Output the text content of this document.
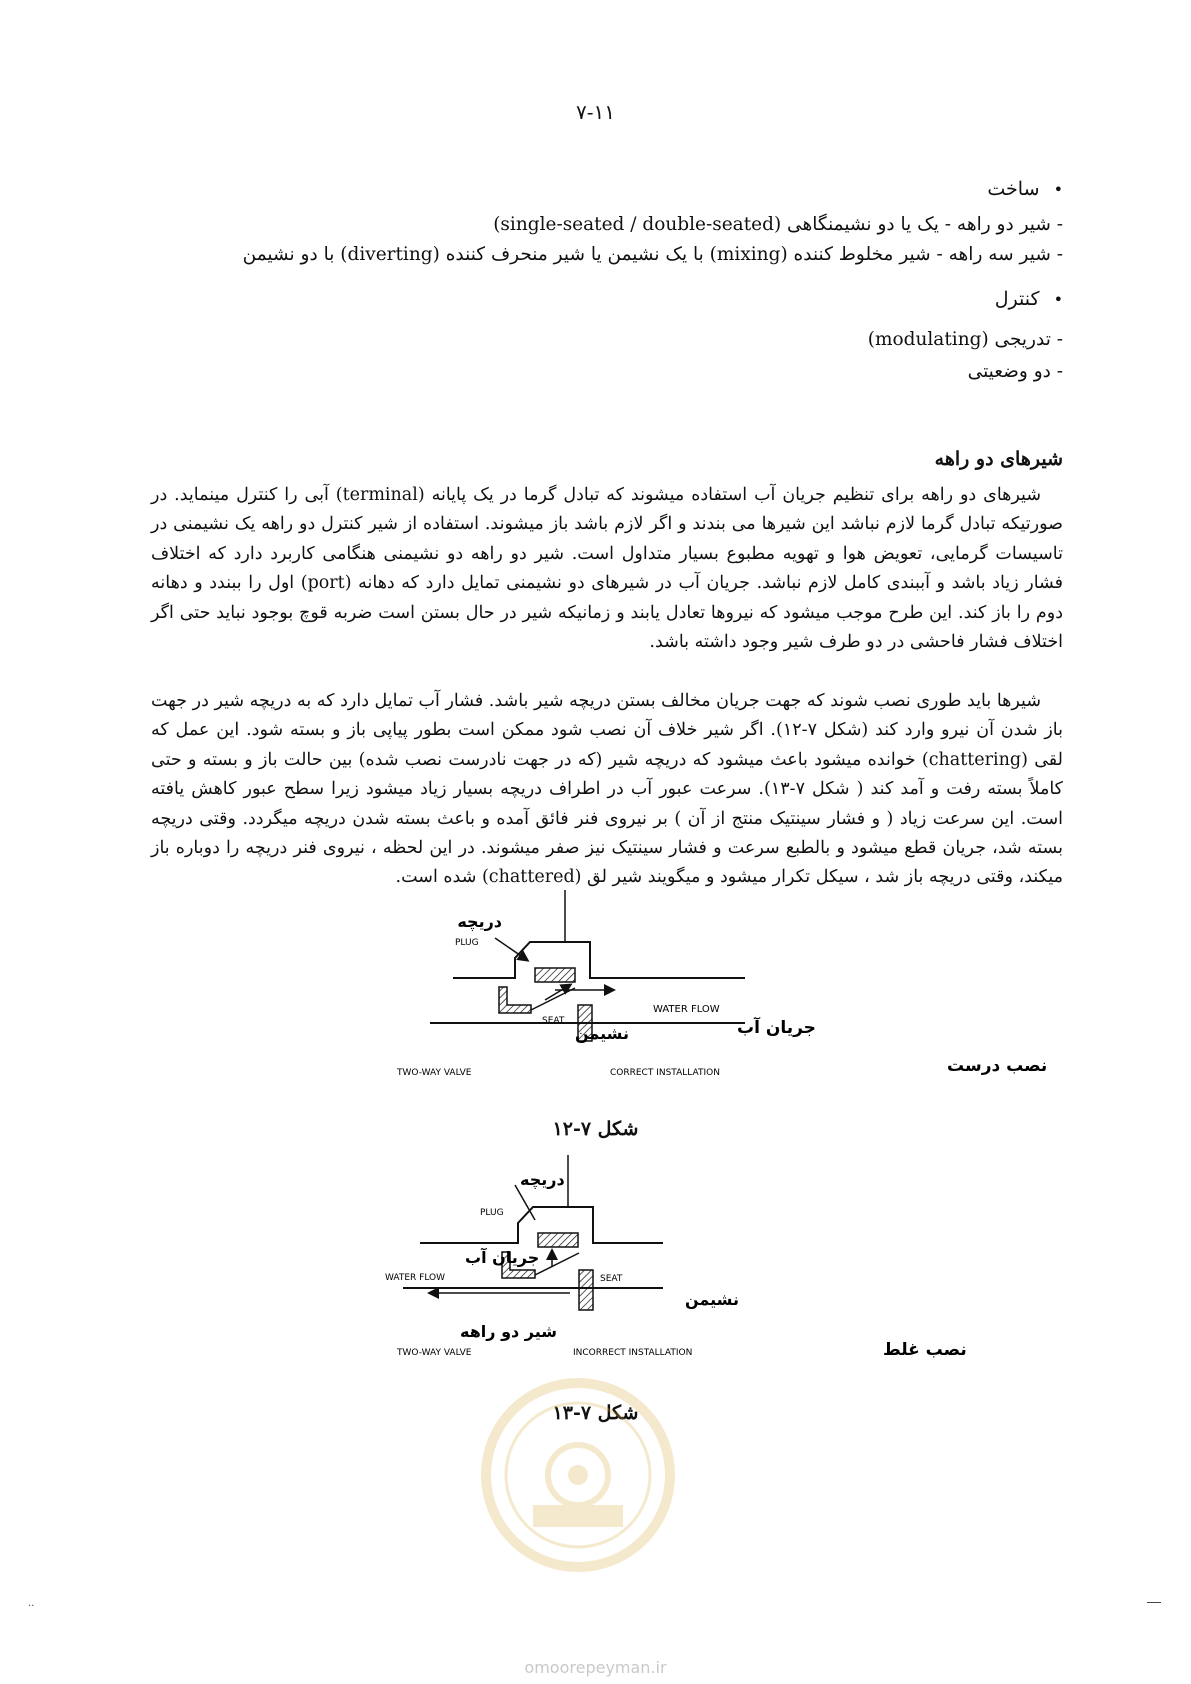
۷-۱۱
• ساخت
- شیر دو راهه - یک یا دو نشیمنگاهی (single-seated / double-seated)
- شیر سه راهه - شیر مخلوط کننده (mixing) با یک نشیمن یا شیر منحرف کننده (diverting) با دو نشیمن
• کنترل
- تدریجی (modulating)
- دو وضعیتی
شیرهای دو راهه
شیرهای دو راهه برای تنظیم جریان آب استفاده میشوند که تبادل گرما در یک پایانه (terminal) آبی را کنترل مینماید. در صورتیکه تبادل گرما لازم نباشد این شیرها می بندند و اگر لازم باشد باز میشوند. استفاده از شیر کنترل دو راهه یک نشیمنی در تاسیسات گرمایی، تعویض هوا و تهویه مطبوع بسیار متداول است. شیر دو راهه دو نشیمنی هنگامی کاربرد دارد که اختلاف فشار زیاد باشد و آببندی کامل لازم نباشد. جریان آب در شیرهای دو نشیمنی تمایل دارد که دهانه (port) اول را ببندد و دهانه دوم را باز کند. این طرح موجب میشود که نیروها تعادل یابند و زمانیکه شیر در حال بستن است ضربه قوچ بوجود نباید حتی اگر اختلاف فشار فاحشی در دو طرف شیر وجود داشته باشد.
شیرها باید طوری نصب شوند که جهت جریان مخالف بستن دریچه شیر باشد. فشار آب تمایل دارد که به دریچه شیر در جهت باز شدن آن نیرو وارد کند (شکل ۷-۱۲). اگر شیر خلاف آن نصب شود ممکن است بطور پیاپی باز و بسته شود. این عمل که لقی (chattering) خوانده میشود باعث میشود که دریچه شیر (که در جهت نادرست نصب شده) بین حالت باز و بسته و حتی کاملاً بسته رفت و آمد کند ( شکل ۷-۱۳). سرعت عبور آب در اطراف دریچه بسیار زیاد میشود زیرا سطح عبور کاهش یافته است. این سرعت زیاد ( و فشار سینتیک منتج از آن ) بر نیروی فنر فائق آمده و باعث بسته شدن دریچه میگردد. وقتی دریچه بسته شد، جریان قطع میشود و بالطبع سرعت و فشار سینتیک نیز صفر میشوند. در این لحظه ، نیروی فنر دریچه را دوباره باز میکند، وقتی دریچه باز شد ، سیکل تکرار میشود و میگویند شیر لق (chattered) شده است.
دریچه
PLUG
SEAT
نشیمن
WATER FLOW
جریان آب
TWO-WAY VALVE	CORRECT INSTALLATION	نصب درست
شکل ۷-۱۲
دریچه
PLUG
جریان آب
WATER FLOW	SEAT
نشیمن
شیر دو راهه
TWO-WAY VALVE	INCORRECT INSTALLATION	نصب غلط
شکل ۷-۱۳
omoorepeyman.ir
..
